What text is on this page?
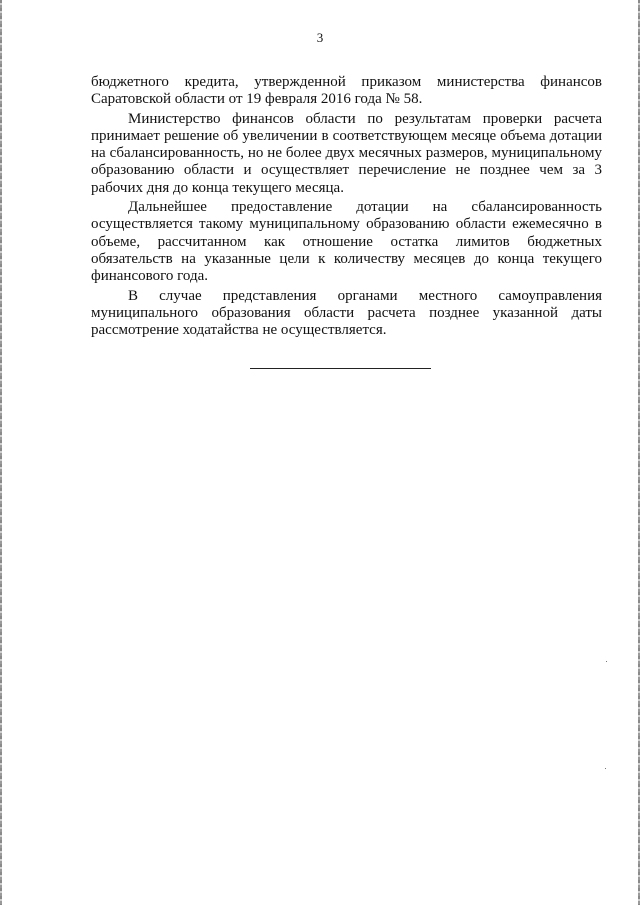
3

бюджетного кредита, утвержденной приказом министерства финансов Саратовской области от 19 февраля 2016 года № 58.

Министерство финансов области по результатам проверки расчета принимает решение об увеличении в соответствующем месяце объема дотации на сбалансированность, но не более двух месячных размеров, муниципальному образованию области и осуществляет перечисление не позднее чем за 3 рабочих дня до конца текущего месяца.

Дальнейшее предоставление дотации на сбалансированность осуществляется такому муниципальному образованию области ежемесячно в объеме, рассчитанном как отношение остатка лимитов бюджетных обязательств на указанные цели к количеству месяцев до конца текущего финансового года.

В случае представления органами местного самоуправления муниципального образования области расчета позднее указанной даты рассмотрение ходатайства не осуществляется.
